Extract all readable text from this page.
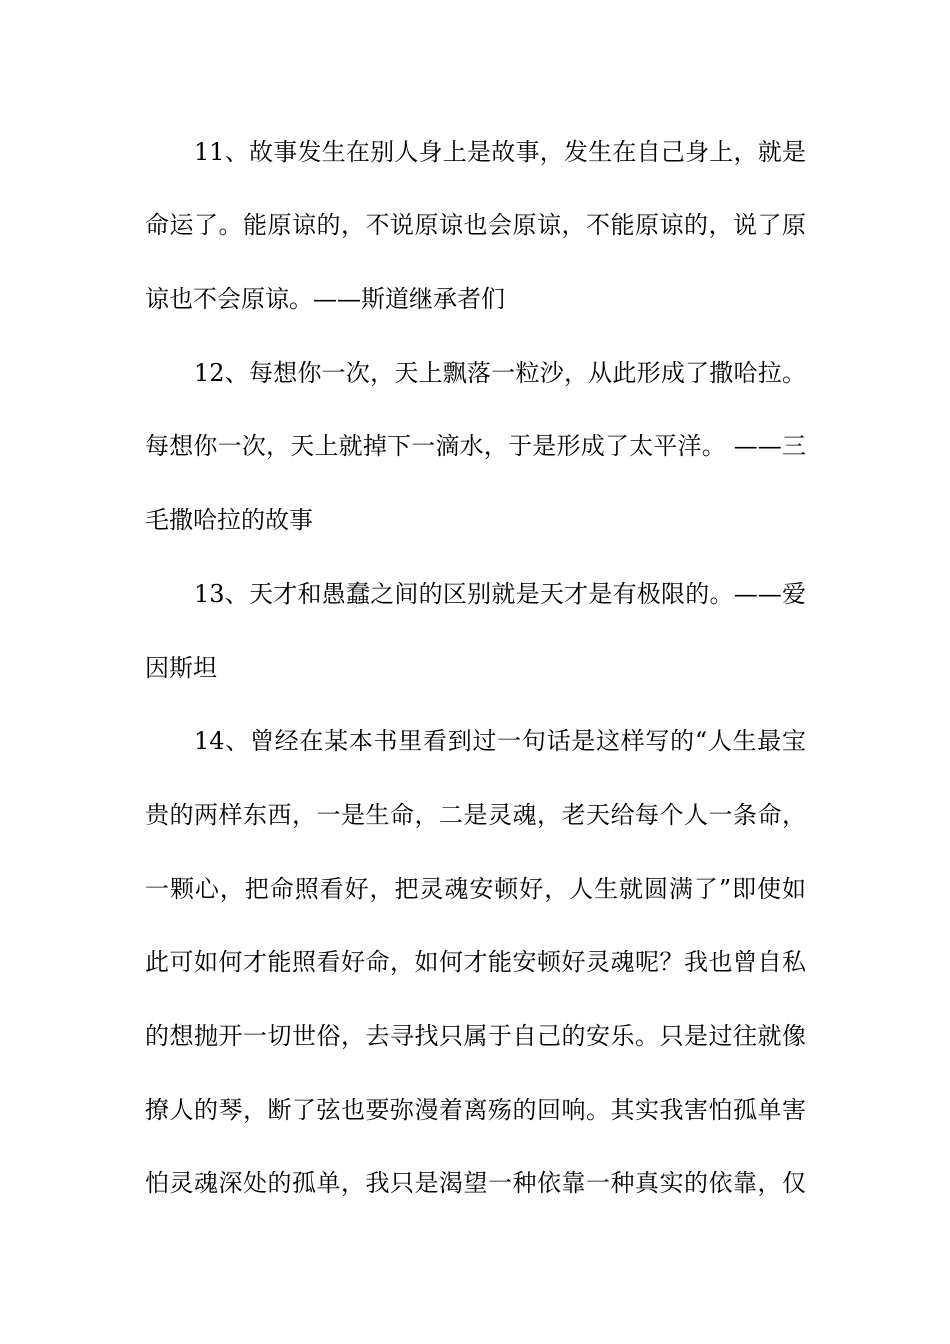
11、故事发生在别人身上是故事，发生在自己身上，就是
命运了。能原谅的，不说原谅也会原谅，不能原谅的，说了原
谅也不会原谅。——斯道继承者们
12、每想你一次，天上飘落一粒沙，从此形成了撒哈拉。
每想你一次，天上就掉下一滴水，于是形成了太平洋。 ——三
毛撒哈拉的故事
13、天才和愚蠢之间的区别就是天才是有极限的。——爱
因斯坦
14、曾经在某本书里看到过一句话是这样写的“人生最宝
贵的两样东西，一是生命，二是灵魂，老天给每个人一条命，
一颗心，把命照看好，把灵魂安顿好，人生就圆满了”即使如
此可如何才能照看好命，如何才能安顿好灵魂呢？我也曾自私
的想抛开一切世俗，去寻找只属于自己的安乐。只是过往就像
撩人的琴，断了弦也要弥漫着离殇的回响。其实我害怕孤单害
怕灵魂深处的孤单，我只是渴望一种依靠一种真实的依靠，仅
